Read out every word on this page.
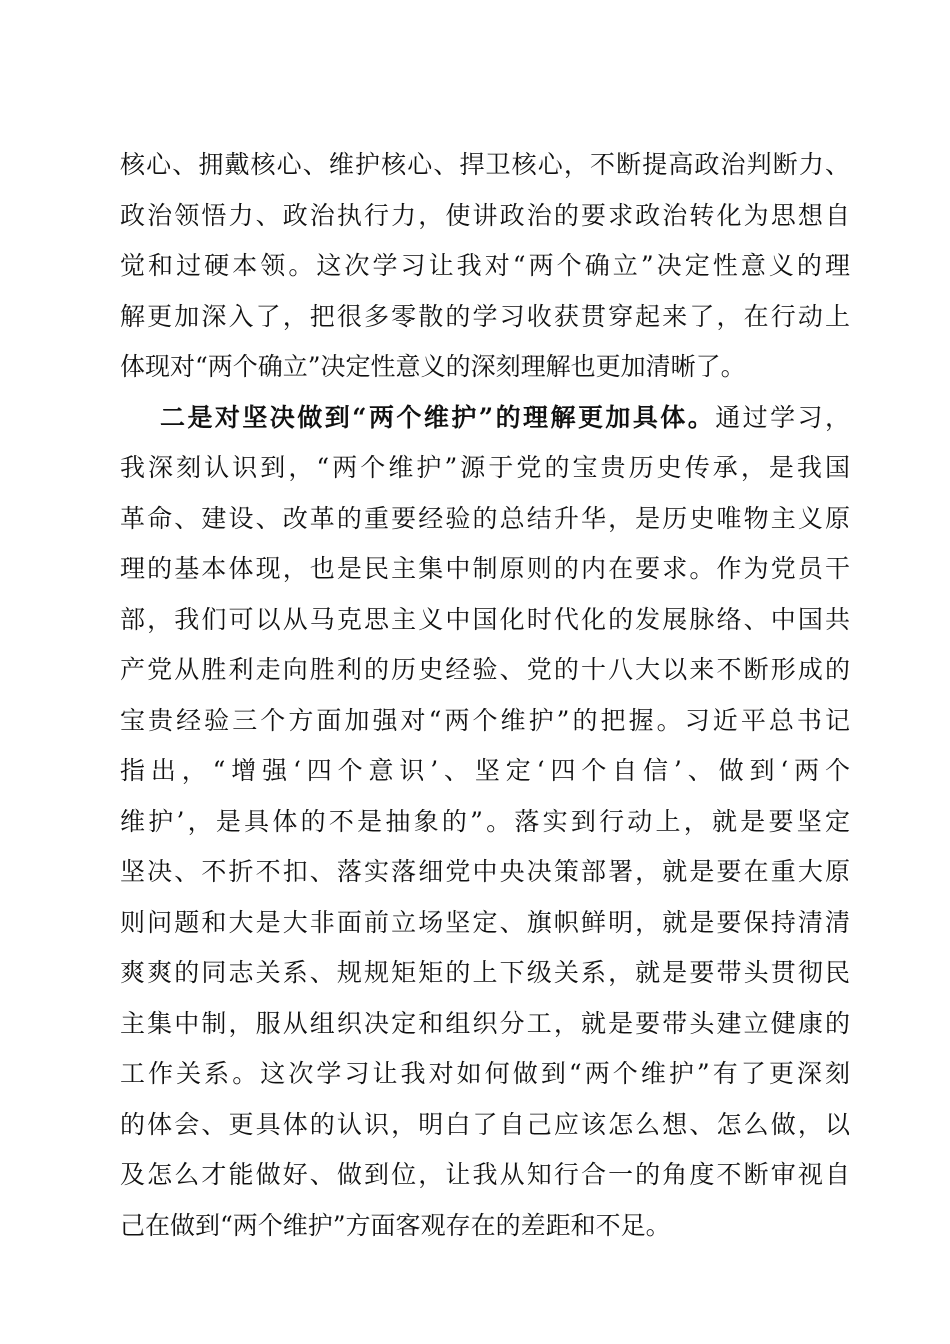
核心、拥戴核心、维护核心、捍卫核心，不断提高政治判断力、
政治领悟力、政治执行力，使讲政治的要求政治转化为思想自
觉和过硬本领。这次学习让我对“两个确立”决定性意义的理
解更加深入了，把很多零散的学习收获贯穿起来了，在行动上
体现对“两个确立”决定性意义的深刻理解也更加清晰了。
二是对坚决做到“两个维护”的理解更加具体。通过学习，
我深刻认识到，“两个维护”源于党的宝贵历史传承，是我国
革命、建设、改革的重要经验的总结升华，是历史唯物主义原
理的基本体现，也是民主集中制原则的内在要求。作为党员干
部，我们可以从马克思主义中国化时代化的发展脉络、中国共
产党从胜利走向胜利的历史经验、党的十八大以来不断形成的
宝贵经验三个方面加强对“两个维护”的把握。习近平总书记
指出，“增强‘四个意识’、坚定‘四个自信’、做到‘两个
维护’，是具体的不是抽象的”。落实到行动上，就是要坚定
坚决、不折不扣、落实落细党中央决策部署，就是要在重大原
则问题和大是大非面前立场坚定、旗帜鲜明，就是要保持清清
爽爽的同志关系、规规矩矩的上下级关系，就是要带头贯彻民
主集中制，服从组织决定和组织分工，就是要带头建立健康的
工作关系。这次学习让我对如何做到“两个维护”有了更深刻
的体会、更具体的认识，明白了自己应该怎么想、怎么做，以
及怎么才能做好、做到位，让我从知行合一的角度不断审视自
己在做到“两个维护”方面客观存在的差距和不足。
